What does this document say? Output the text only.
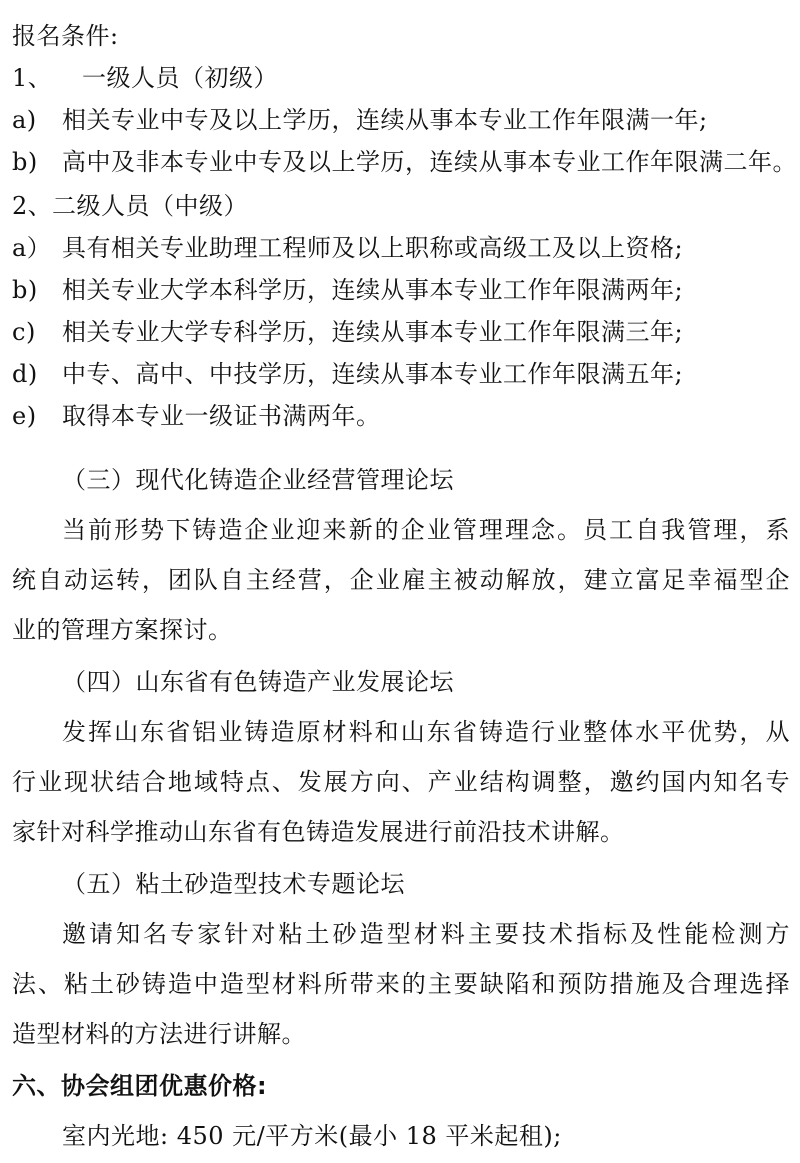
报名条件:
1、 一级人员（初级）
a) 相关专业中专及以上学历，连续从事本专业工作年限满一年;
b) 高中及非本专业中专及以上学历，连续从事本专业工作年限满二年。
2、 二级人员（中级）
a） 具有相关专业助理工程师及以上职称或高级工及以上资格;
b) 相关专业大学本科学历，连续从事本专业工作年限满两年;
c) 相关专业大学专科学历，连续从事本专业工作年限满三年;
d) 中专、高中、中技学历，连续从事本专业工作年限满五年;
e) 取得本专业一级证书满两年。
（三）现代化铸造企业经营管理论坛
当前形势下铸造企业迎来新的企业管理理念。员工自我管理，系
统自动运转，团队自主经营，企业雇主被动解放，建立富足幸福型企
业的管理方案探讨。
（四）山东省有色铸造产业发展论坛
发挥山东省铝业铸造原材料和山东省铸造行业整体水平优势，从
行业现状结合地域特点、发展方向、产业结构调整，邀约国内知名专
家针对科学推动山东省有色铸造发展进行前沿技术讲解。
（五）粘土砂造型技术专题论坛
邀请知名专家针对粘土砂造型材料主要技术指标及性能检测方
法、粘土砂铸造中造型材料所带来的主要缺陷和预防措施及合理选择
造型材料的方法进行讲解。
六、协会组团优惠价格:
室内光地: 450 元/平方米(最小 18 平米起租);
